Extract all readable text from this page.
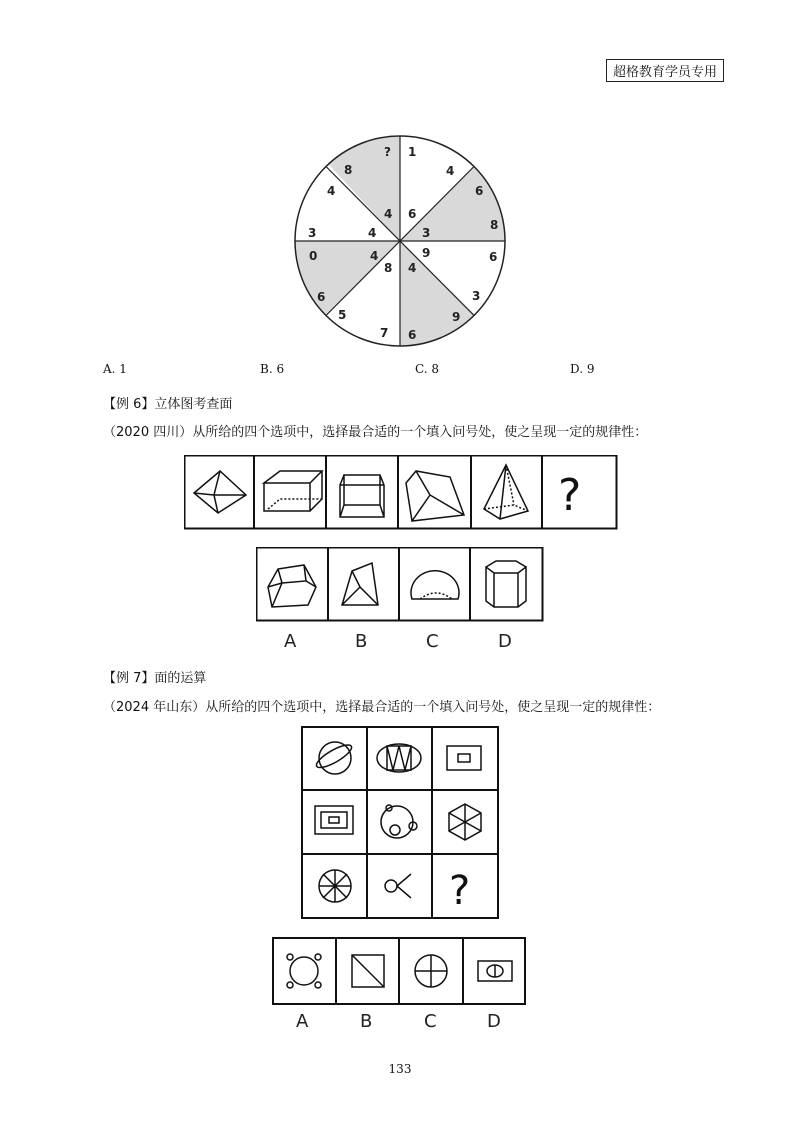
超格教育学员专用
?
8
1
4
6
8
6
3
9	6
3
9
4
6
8
7
5
6
0	4
3	4
4
4
A. 1	B. 6	C. 8	D. 9
【例 6】立体图考查面
（2020 四川）从所给的四个选项中，选择最合适的一个填入问号处，使之呈现一定的规律性：
?
A	B	C	D
【例 7】面的运算
（2024 年山东）从所给的四个选项中，选择最合适的一个填入问号处，使之呈现一定的规律性：
?
A	B	C	D
133
